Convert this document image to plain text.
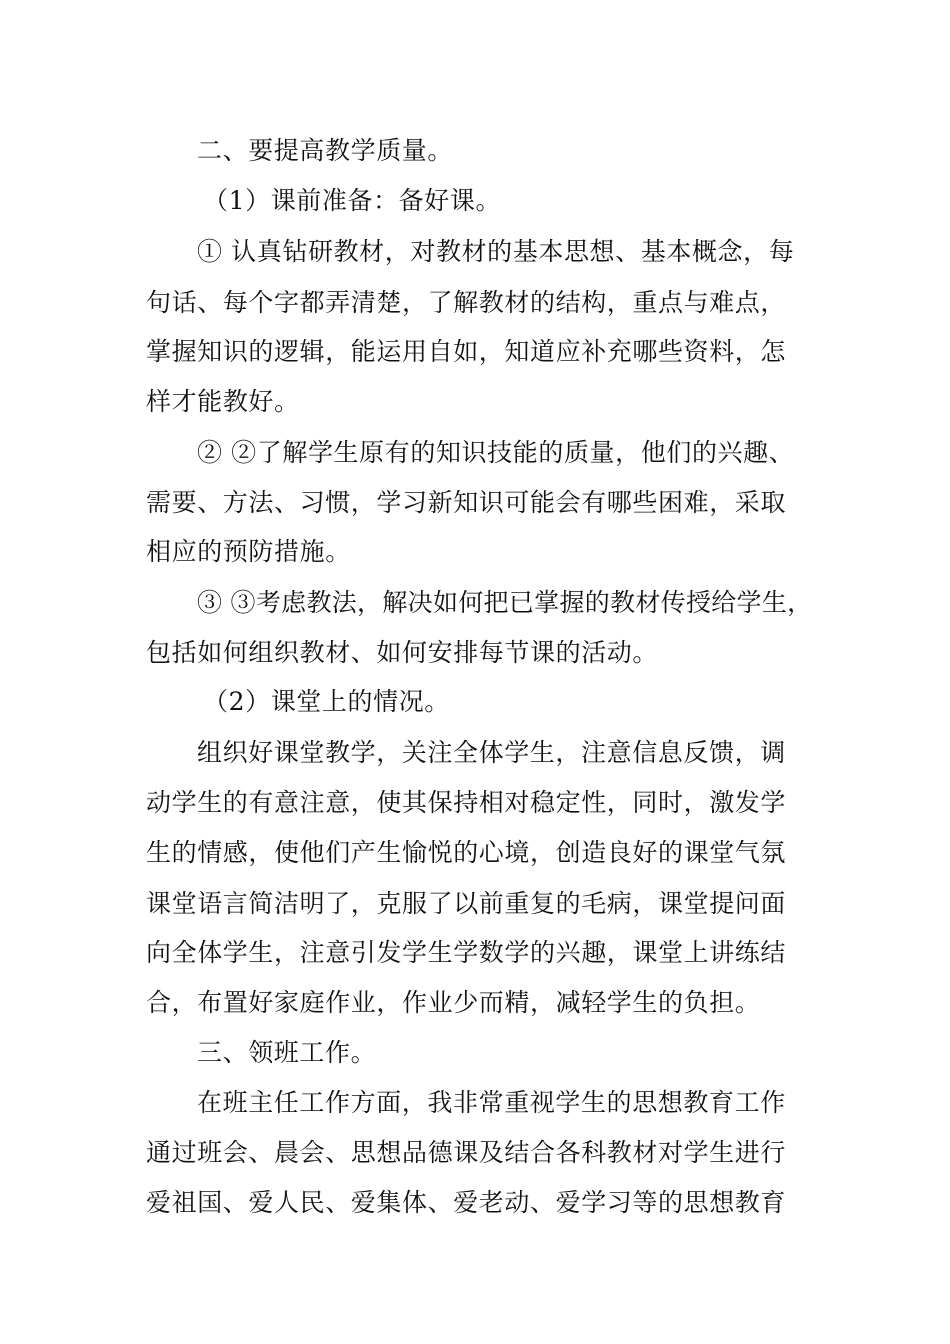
二、要提高教学质量。
（1）课前准备：备好课。
① 认真钻研教材，对教材的基本思想、基本概念，每
句话、每个字都弄清楚，了解教材的结构，重点与难点，
掌握知识的逻辑，能运用自如，知道应补充哪些资料，怎
样才能教好。
② ②了解学生原有的知识技能的质量，他们的兴趣、
需要、方法、习惯，学习新知识可能会有哪些困难，采取
相应的预防措施。
③ ③考虑教法，解决如何把已掌握的教材传授给学生，
包括如何组织教材、如何安排每节课的活动。
（2）课堂上的情况。
组织好课堂教学，关注全体学生，注意信息反馈，调
动学生的有意注意，使其保持相对稳定性，同时，激发学
生的情感，使他们产生愉悦的心境，创造良好的课堂气氛
课堂语言简洁明了，克服了以前重复的毛病，课堂提问面
向全体学生，注意引发学生学数学的兴趣，课堂上讲练结
合，布置好家庭作业，作业少而精，减轻学生的负担。
三、领班工作。
在班主任工作方面，我非常重视学生的思想教育工作
通过班会、晨会、思想品德课及结合各科教材对学生进行
爱祖国、爱人民、爱集体、爱老动、爱学习等的思想教育
